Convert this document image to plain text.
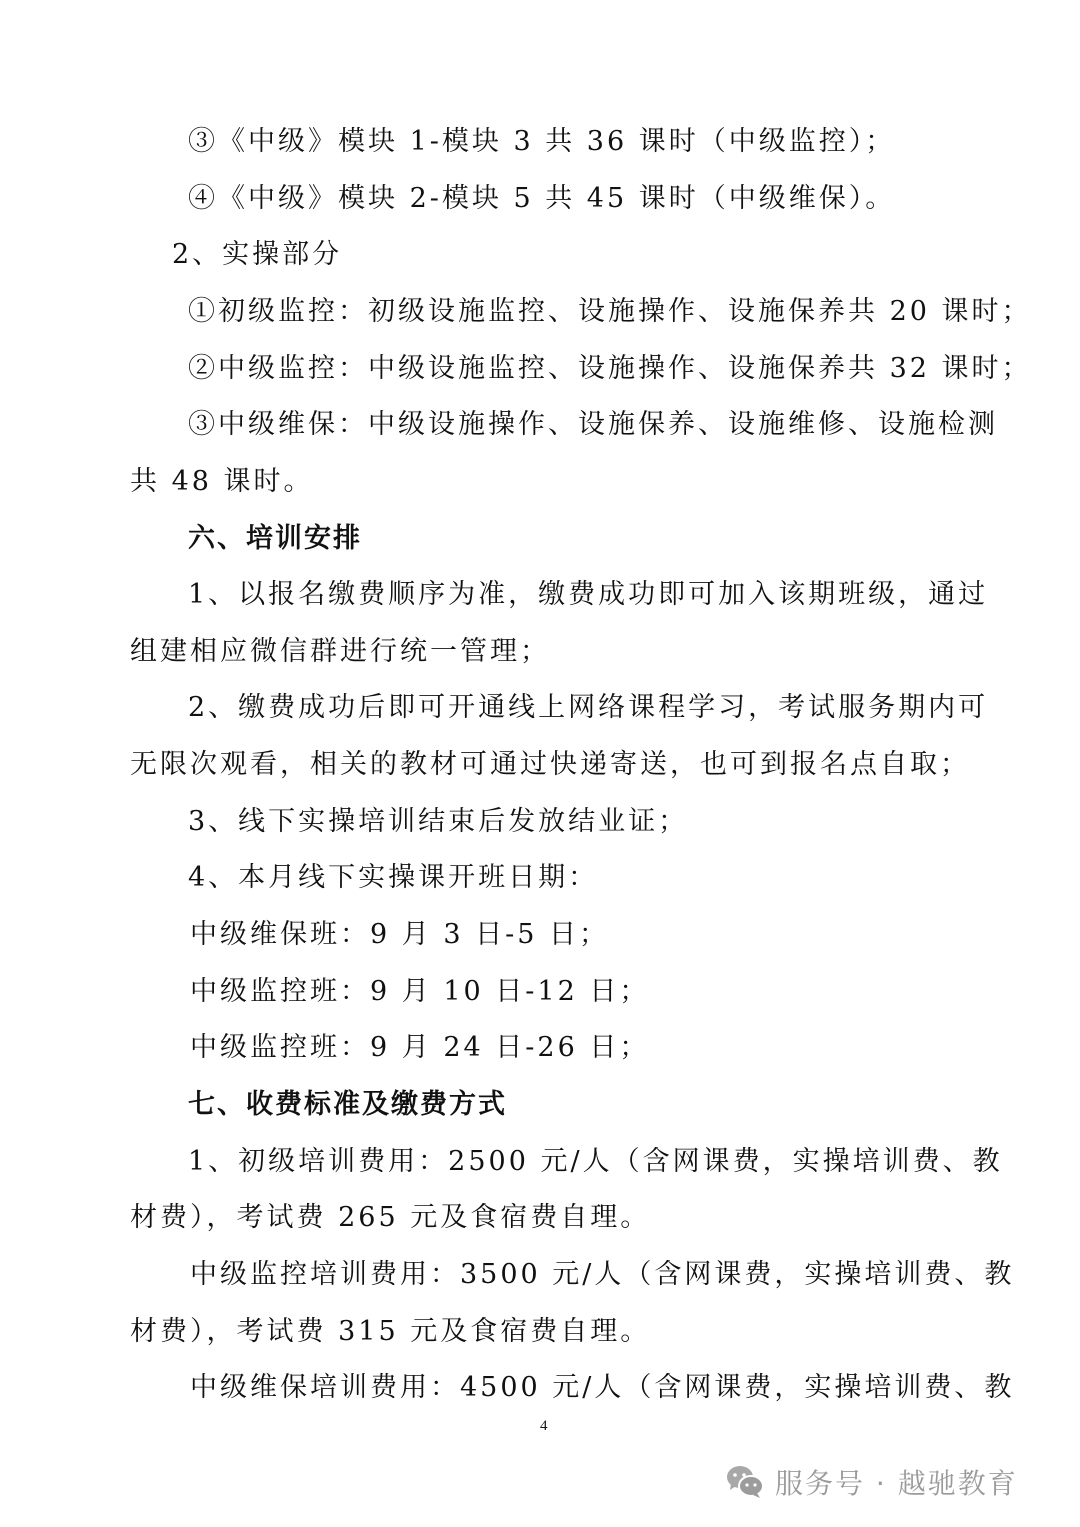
③《中级》模块 1-模块 3 共 36 课时（中级监控）；
④《中级》模块 2-模块 5 共 45 课时（中级维保）。
2、实操部分
①初级监控：初级设施监控、设施操作、设施保养共 20 课时；
②中级监控：中级设施监控、设施操作、设施保养共 32 课时；
③中级维保：中级设施操作、设施保养、设施维修、设施检测
共 48 课时。
1、以报名缴费顺序为准，缴费成功即可加入该期班级，通过
组建相应微信群进行统一管理；
2、缴费成功后即可开通线上网络课程学习，考试服务期内可
无限次观看，相关的教材可通过快递寄送，也可到报名点自取；
3、线下实操培训结束后发放结业证；
4、本月线下实操课开班日期：
中级维保班：9 月 3 日-5 日；
中级监控班：9 月 10 日-12 日；
中级监控班：9 月 24 日-26 日；
1、初级培训费用：2500 元/人（含网课费，实操培训费、教
材费），考试费 265 元及食宿费自理。
中级监控培训费用：3500 元/人（含网课费，实操培训费、教
材费），考试费 315 元及食宿费自理。
中级维保培训费用：4500 元/人（含网课费，实操培训费、教
六、培训安排
七、收费标准及缴费方式
4
服务号 · 越驰教育
